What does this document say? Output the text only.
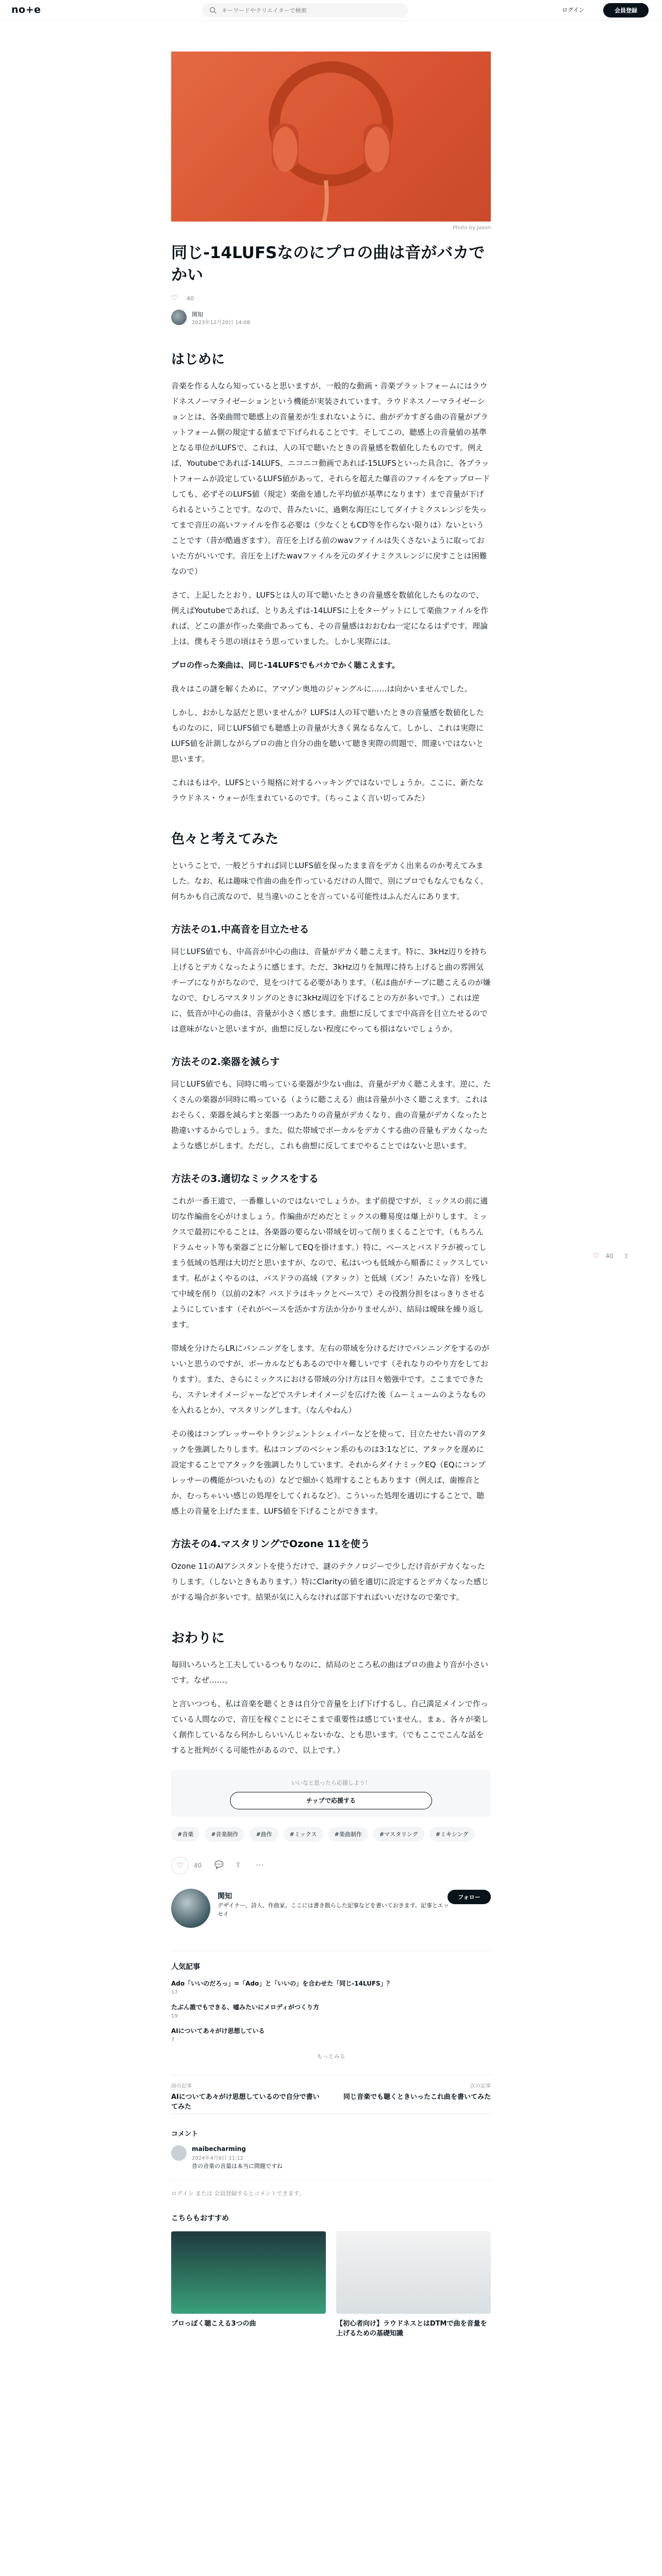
no+e
キーワードやクリエイターで検索	ログイン	会員登録
Photo by Jason
同じ-14LUFSなのにプロの曲は音がバカでかい
♡ 40
関知
2023年12月20日 14:08
はじめに

音楽を作る人なら知っていると思いますが、一般的な動画・音楽プラットフォームにはラウドネスノーマライゼーションという機能が実装されています。ラウドネスノーマライゼーションとは、各楽曲間で聴感上の音量差が生まれないように、曲がデカすぎる曲の音量がプラットフォーム側の規定する値まで下げられることです。そしてこの、聴感上の音量値の基準となる単位がLUFSで、これは、人の耳で聴いたときの音量感を数値化したものです。例えば、Youtubeであれば-14LUFS、ニコニコ動画であれば-15LUFSといった具合に、各プラットフォームが設定しているLUFS値があって、それらを超えた爆音のファイルをアップロードしても、必ずそのLUFS値（規定）楽曲を通した平均値が基準になります）まで音量が下げられるということです。なので、昔みたいに、過剰な海圧にしてダイナミクスレンジを失ってまで音圧の高いファイルを作る必要は（少なくともCD等を作らない限りは）ないということです（昔が酷過ぎます）。音圧を上げる前のwavファイルは失くさないように取っておいた方がいいです。音圧を上げたwavファイルを元のダイナミクスレンジに戻すことは困難なので）

さて、上記したとおり、LUFSとは人の耳で聴いたときの音量感を数値化したものなので、例えばYoutubeであれば、とりあえずは-14LUFSに上をターゲットにして楽曲ファイルを作れば、どこの誰が作った楽曲であっても、その音量感はおおむね一定になるはずです。理論上は。僕もそう思の頃はそう思っていました。しかし実際には。

プロの作った楽曲は、同じ-14LUFSでもバカでかく聴こえます。

我々はこの謎を解くために、アマゾン奥地のジャングルに……は向かいませんでした。

しかし、おかしな話だと思いませんか？LUFSは人の耳で聴いたときの音量感を数値化したものなのに、同じLUFS値でも聴感上の音量が大きく異なるなんて。しかし、これは実際にLUFS値を計測しながらプロの曲と自分の曲を聴いて聴き実際の問題で、間違いではないと思います。

これはもはや、LUFSという規格に対するハッキングではないでしょうか。ここに、新たなラウドネス・ウォーが生まれているのです。（ちっこよく言い切ってみた）

色々と考えてみた

ということで、一般どうすれば同じLUFS値を保ったまま音をデカく出来るのか考えてみました。なお、私は趣味で作曲の曲を作っているだけの人間で、別にプロでもなんでもなく、何ちかも自己流なので、見当違いのことを言っている可能性はふんだんにあります。

方法その1.中高音を目立たせる

同じLUFS値でも、中高音が中心の曲は、音量がデカく聴こえます。特に、3kHz辺りを持ち上げるとデカくなったように感じます。ただ、3kHz辺りを無理に持ち上げると曲の雰囲気チープになりがちなので、見をつけてる必要があります。（私は曲がチープに聴こえるのが嫌なので、むしろマスタリングのときに3kHz周辺を下げることの方が多いです。）これは逆に、低音が中心の曲は、音量が小さく感じます。曲想に反してまで中高音を目立たせるのでは意味がないと思いますが、曲想に反しない程度にやっても損はないでしょうか。

方法その2.楽器を減らす

同じLUFS値でも、同時に鳴っている楽器が少ない曲は、音量がデカく聴こえます。逆に、たくさんの楽器が同時に鳴っている（ように聴こえる）曲は音量が小さく聴こえます。これはおそらく、楽器を減らすと楽器一つあたりの音量がデカくなり、曲の音量がデカくなったと勘違いするからでしょう。また、似た帯域でボーカルをデカくする曲の音量もデカくなったような感じがします。ただし、これも曲想に反してまでやることではないと思います。

方法その3.適切なミックスをする

これが一番王道で、一番難しいのではないでしょうか。まず前提ですが、ミックスの前に適切な作編曲を心がけましょう。作編曲がだめだとミックスの難易度は爆上がりします。ミックスで最初にやることは、各楽器の要らない帯域を切って削りまくることです。（もちろんドラムセット等も楽器ごとに分解してEQを掛けます。）特に、ベースとバスドラが被ってしまう低域の処理は大切だと思いますが、なので、私はいつも低域から順番にミックスしています。私がよくやるのは、バスドラの高域（アタック）と低域（ズン！みたいな音）を残して中域を削り（以前の2本？バスドラはキックとベースで）その役割分担をはっきりさせるようにしています（それがベースを活かす方法か分かりませんが）、結局は曖昧を繰り返します。

帯域を分けたらLRにパンニングをします。左右の帯域を分けるだけでパンニングをするのがいいと思うのですが、ボーカルなどもあるので中々難しいです（それなりのやり方をしております）。また、さらにミックスにおける帯域の分け方は日々勉強中です。ここまでできたら、ステレオイメージャーなどでステレオイメージを広げた後（ムーミュームのようなものを入れるとか）、マスタリングします。（なんやねん）

その後はコンプレッサーやトランジェントシェイパーなどを使って、目立たせたい音のアタックを強調したりします。私はコンプのベシャン系のものは3:1などに、アタックを遅めに設定することでアタックを強調したりしています。それからダイナミックEQ（EQにコンプレッサーの機能がついたもの）などで細かく処理することもあります（例えば、歯擦音とか、むっちゃいい感じの処理をしてくれるなど）。こういった処理を適切にすることで、聴感上の音量を上げたまま、LUFS値を下げることができます。

方法その4.マスタリングでOzone 11を使う

Ozone 11のAIアシスタントを使うだけで、謎のテクノロジーで少しだけ音がデカくなったりします。（しないときもあります。）特にClarityの値を適切に設定するとデカくなった感じがする場合が多いです。結果が気に入らなければ部下すればいいだけなので楽です。

おわりに

毎回いろいろと工夫しているつもりなのに、結局のところ私の曲はプロの曲より音が小さいです。なぜ……。

と言いつつも、私は音楽を聴くときは自分で音量を上げ下げするし、自己満足メインで作っている人間なので、音圧を稼ぐことにそこまで重要性は感じていません。まぁ、各々が楽しく創作しているなら何かしらいいんじゃないかな、とも思います。（でもここでこんな話をすると批判がくる可能性があるので、以上です。）

いいなと思ったら応援しよう！
チップで応援する
#音楽	#音楽制作	#曲作	#ミックス	#楽曲制作	#マスタリング	#ミキシング
♡ 40 💬 ⇪ ⋯
関知
デザイナー、詩人、作曲家。ここには書き散らした記事などを書いておきます。記事とエッセイ
フォロー
人気記事
Ado「いいのだろっ」=「Ado」と「いいの」を合わせた「同じ-14LUFS」？
17
たぶん誰でもできる、嘘みたいにメロディがつくり方
19
AIについてあ々がけ思想している
7
もっとみる
前の記事
AIについてあ々がけ思想しているので自分で書いてみた
次の記事
同じ音楽でも聴くときいったこれ曲を書いてみた
コメント
maibecharming
2024年4月6日 11:12
昔の音楽の音量は本当に問題ですね
ログイン または 会員登録するとコメントできます。
こちらもおすすめ
プロっぽく聴こえる3つの曲	【初心者向け】ラウドネスとはDTMで曲を音量を上げるための基礎知識
♡ 40 ⇪
